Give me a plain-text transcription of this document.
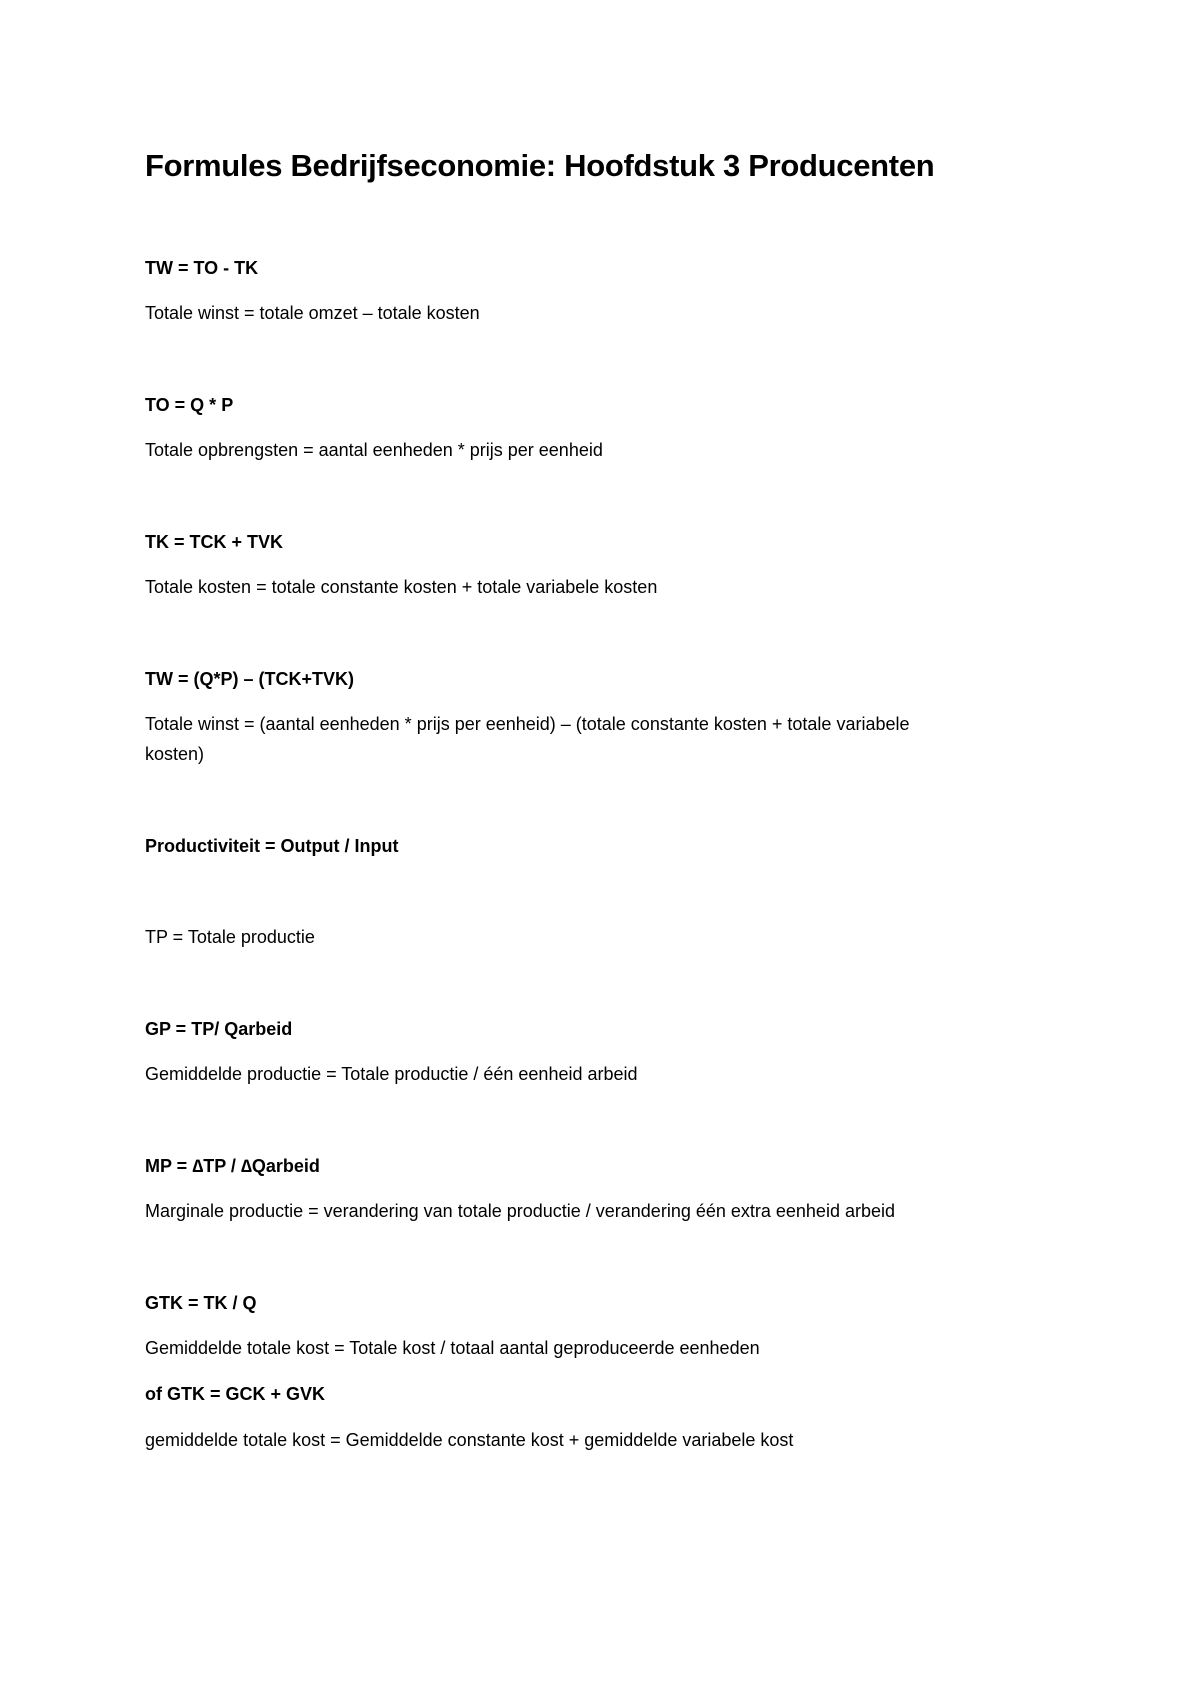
Formules Bedrijfseconomie: Hoofdstuk 3 Producenten
TW = TO - TK
Totale winst = totale omzet – totale kosten
TO = Q * P
Totale opbrengsten = aantal eenheden * prijs per eenheid
TK = TCK + TVK
Totale kosten = totale constante kosten + totale variabele kosten
TW = (Q*P) – (TCK+TVK)
Totale winst = (aantal eenheden * prijs per eenheid) – (totale constante kosten + totale variabele
kosten)
Productiviteit = Output / Input
TP = Totale productie
GP = TP/ Qarbeid
Gemiddelde productie = Totale productie / één eenheid arbeid
MP = ∆TP / ∆Qarbeid
Marginale productie = verandering van totale productie / verandering één extra eenheid arbeid
GTK = TK / Q
Gemiddelde totale kost = Totale kost / totaal aantal geproduceerde eenheden
of GTK = GCK + GVK
gemiddelde totale kost = Gemiddelde constante kost + gemiddelde variabele kost
